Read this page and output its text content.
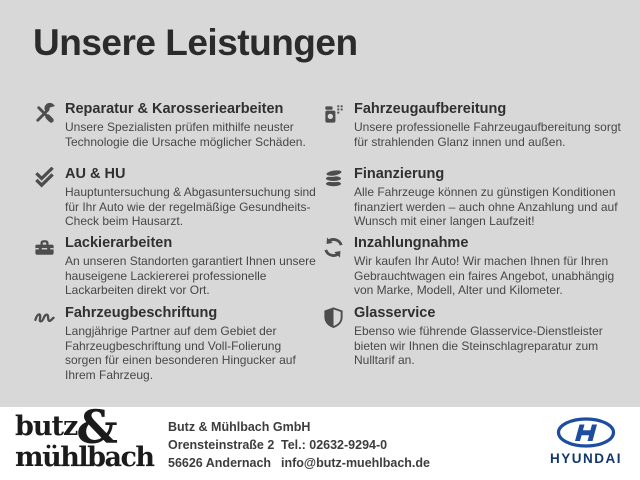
Unsere Leistungen
Reparatur & Karosseriearbeiten

Unsere Spezialisten prüfen mithilfe neuster Technologie die Ursache möglicher Schäden.

AU & HU

Hauptuntersuchung & Abgasuntersuchung sind für Ihr Auto wie der regelmäßige Gesundheits-Check beim Hausarzt.

Lackierarbeiten

An unseren Standorten garantiert Ihnen unsere hauseigene Lackiererei professionelle Lackarbeiten direkt vor Ort.

Fahrzeugbeschriftung

Langjährige Partner auf dem Gebiet der Fahrzeugbeschriftung und Voll-Folierung sorgen für einen besonderen Hingucker auf Ihrem Fahrzeug.

Fahrzeugaufbereitung

Unsere professionelle Fahrzeugaufbereitung sorgt für strahlenden Glanz innen und außen.

Finanzierung

Alle Fahrzeuge können zu günstigen Konditionen finanziert werden – auch ohne Anzahlung und auf Wunsch mit einer langen Laufzeit!

Inzahlungnahme

Wir kaufen Ihr Auto! Wir machen Ihnen für Ihren Gebrauchtwagen ein faires Angebot, unabhängig von Marke, Modell, Alter und Kilometer.

Glasservice

Ebenso wie führende Glasservice-Dienstleister bieten wir Ihnen die Steinschlagreparatur zum Nulltarif an.

butz &
mühlbach
Butz & Mühlbach GmbH
Orensteinstraße 2 Tel.: 02632-9294-0
56626 Andernach info@butz-muehlbach.de	HYUNDAI
